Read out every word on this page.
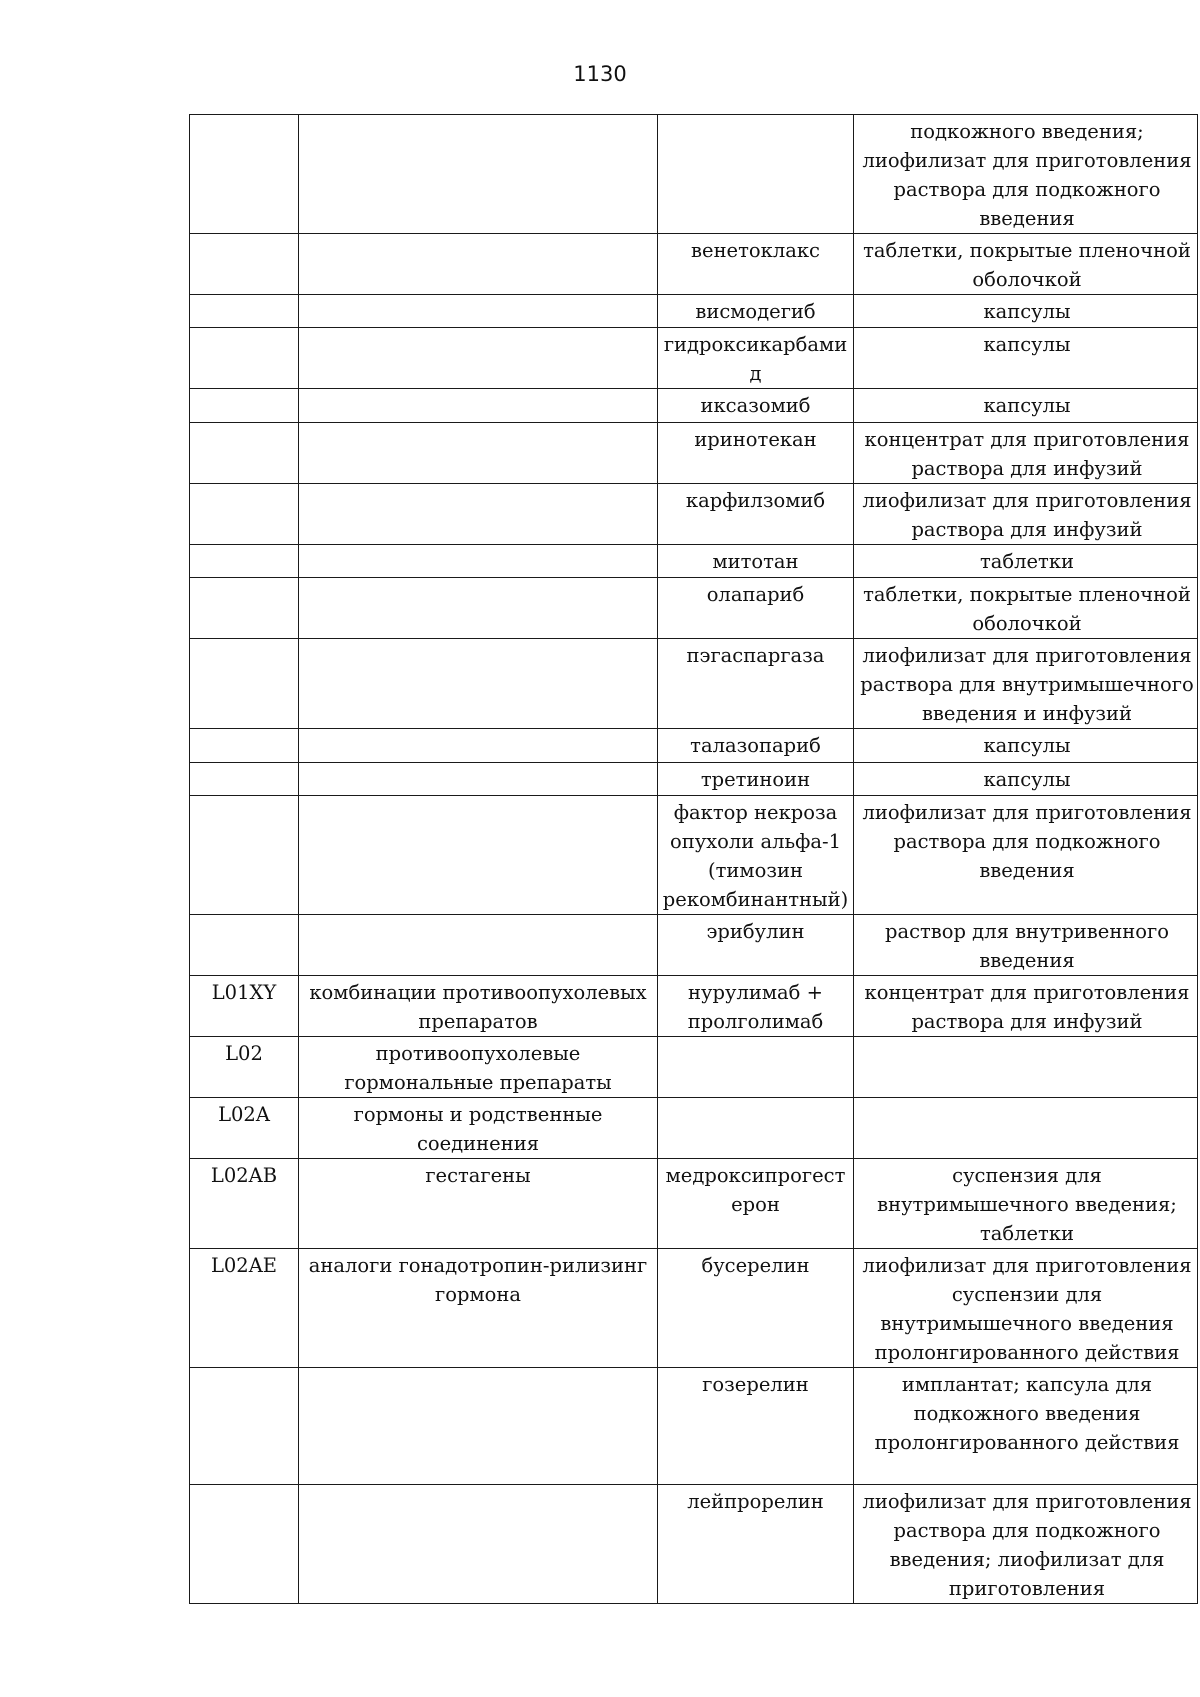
1130
			подкожного введения; лиофилизат для приготовления раствора для подкожного введения
		венетоклакс	таблетки, покрытые пленочной оболочкой
		висмодегиб	капсулы
		гидроксикарбамид	капсулы
		иксазомиб	капсулы
		иринотекан	концентрат для приготовления раствора для инфузий
		карфилзомиб	лиофилизат для приготовления раствора для инфузий
		митотан	таблетки
		олапариб	таблетки, покрытые пленочной оболочкой
		пэгаспаргаза	лиофилизат для приготовления раствора для внутримышечного введения и инфузий
		талазопариб	капсулы
		третиноин	капсулы
		фактор некроза опухоли альфа-1 (тимозин рекомбинантный)	лиофилизат для приготовления раствора для подкожного введения
		эрибулин	раствор для внутривенного введения
L01XY	комбинации противоопухолевых препаратов	нурулимаб + пролголимаб	концентрат для приготовления раствора для инфузий
L02	противоопухолевые гормональные препараты		
L02A	гормоны и родственные соединения		
L02AB	гестагены	медроксипрогестерон	суспензия для внутримышечного введения; таблетки
L02AE	аналоги гонадотропин-рилизинг гормона	бусерелин	лиофилизат для приготовления суспензии для внутримышечного введения пролонгированного действия
		гозерелин	имплантат; капсула для подкожного введения пролонгированного действия
		лейпрорелин	лиофилизат для приготовления раствора для подкожного введения; лиофилизат для приготовления
